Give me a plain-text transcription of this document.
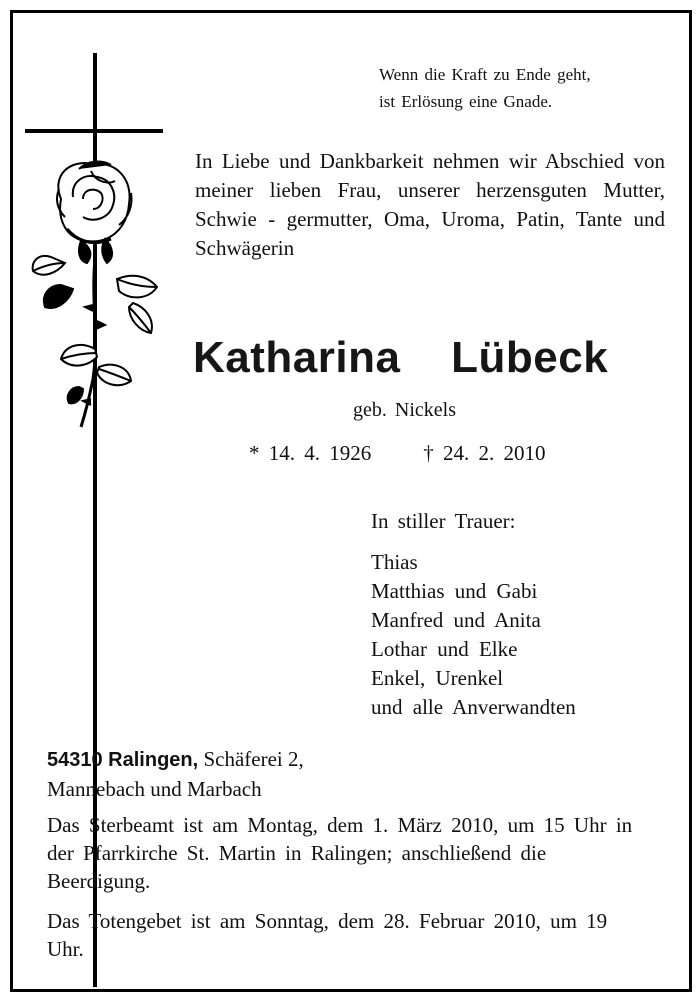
Wenn die Kraft zu Ende geht,
ist Erlösung eine Gnade.
In Liebe und Dankbarkeit nehmen wir Abschied von meiner lieben Frau, unserer herzensguten Mutter, Schwie - germutter, Oma, Uroma, Patin, Tante und Schwägerin
Katharina Lübeck
geb. Nickels
* 14. 4. 1926 † 24. 2. 2010
In stiller Trauer:
Thias
Matthias und Gabi
Manfred und Anita
Lothar und Elke
Enkel, Urenkel
und alle Anverwandten
54310 Ralingen, Schäferei 2,
Mannebach und Marbach
Das Sterbeamt ist am Montag, dem 1. März 2010, um 15 Uhr in der Pfarrkirche St. Martin in Ralingen; anschließend die Beerdigung.
Das Totengebet ist am Sonntag, dem 28. Februar 2010, um 19 Uhr.
